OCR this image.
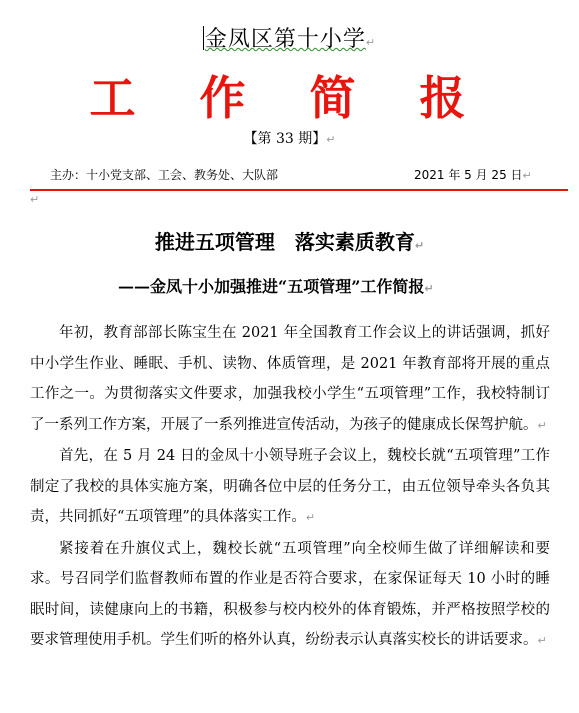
金凤区第十小学↵
工 作 简 报
【第 33 期】↵
主办：十小党支部、工会、教务处、大队部	2021 年 5 月 25 日↵
↵
推进五项管理　落实素质教育↵
——金凤十小加强推进“五项管理”工作简报↵

年初，教育部部长陈宝生在 2021 年全国教育工作会议上的讲话强调，抓好中小学生作业、睡眠、手机、读物、体质管理，是 2021 年教育部将开展的重点工作之一。为贯彻落实文件要求，加强我校小学生“五项管理”工作，我校特制订了一系列工作方案，开展了一系列推进宣传活动，为孩子的健康成长保驾护航。↵

首先，在 5 月 24 日的金凤十小领导班子会议上，魏校长就“五项管理”工作制定了我校的具体实施方案，明确各位中层的任务分工，由五位领导牵头各负其责，共同抓好“五项管理”的具体落实工作。↵

紧接着在升旗仪式上，魏校长就“五项管理”向全校师生做了详细解读和要求。号召同学们监督教师布置的作业是否符合要求，在家保证每天 10 小时的睡眠时间，读健康向上的书籍，积极参与校内校外的体育锻炼，并严格按照学校的要求管理使用手机。学生们听的格外认真，纷纷表示认真落实校长的讲话要求。↵
